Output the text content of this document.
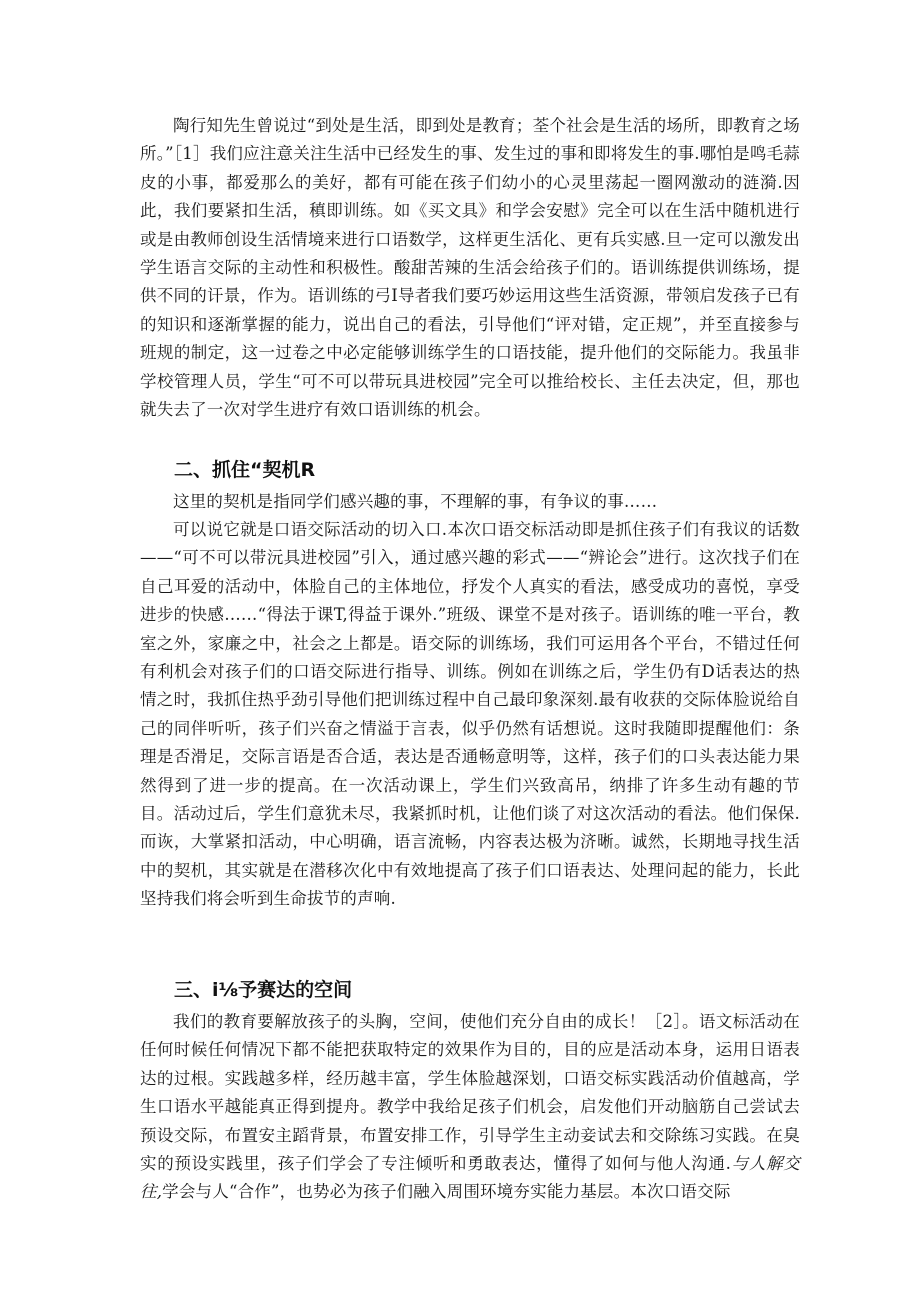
陶行知先生曾说过“到处是生活，即到处是教育；荃个社会是生活的场所，即教育之场所。”［1］我们应注意关注生活中已经发生的事、发生过的事和即将发生的事.哪怕是鸣毛蒜皮的小事，都爱那么的美好，都有可能在孩子们幼小的心灵里荡起一圈网激动的涟漪.因此，我们要紧扣生活，稹即训练。如《买文具》和学会安慰》完全可以在生活中随机进行或是由教师创设生活情境来进行口语数学，这样更生活化、更有兵实感.旦一定可以激发出学生语言交际的主动性和积极性。酸甜苦辣的生活会给孩子们的。语训练提供训练场，提供不同的讦景，作为。语训练的弓I导者我们要巧妙运用这些生活资源，带领启发孩子已有的知识和逐渐掌握的能力，说出自己的看法，引导他们“评对错，定正规”，并至直接参与班规的制定，这一过卷之中必定能够训练学生的口语技能，提升他们的交际能力。我虽非学校管理人员，学生“可不可以带玩具进校园”完全可以推给校长、主任去决定，但，那也就失去了一次对学生进疗有效口语训练的机会。

二、抓住“契机R

这里的契机是指同学们感兴趣的事，不理解的事，有争议的事……

可以说它就是口语交际活动的切入口.本次口语交标活动即是抓住孩子们有我议的话数——“可不可以带沅具进校园”引入，通过感兴趣的彩式——“辨论会”进行。这次找子们在自己耳爱的活动中，体脸自己的主体地位，抒发个人真实的看法，感受成功的喜悦，享受进步的快感……“得法于课T,得益于课外.”班级、课堂不是对孩子。语训练的唯一平台，教室之外，家廉之中，社会之上都是。语交际的训练场，我们可运用各个平台，不错过任何有利机会对孩子们的口语交际进行指导、训练。例如在训练之后，学生仍有D话表达的热情之时，我抓住热乎劲引导他们把训练过程中自己最印象深刻.最有收获的交际体脸说给自己的同伴听听，孩子们兴奋之情溢于言表，似乎仍然有话想说。这时我随即提醒他们：条理是否滑足，交际言语是否合适，表达是否通畅意明等，这样，孩子们的口头表达能力果然得到了进一步的提高。在一次活动课上，学生们兴致高吊，纳排了许多生动有趣的节目。活动过后，学生们意犹未尽，我紧抓时机，让他们谈了对这次活动的看法。他们保保.而诙，大掌紧扣活动，中心明确，语言流畅，内容表达极为济晰。诚然，长期地寻找生活中的契机，其实就是在潜移次化中有效地提高了孩子们口语表达、处理问起的能力，长此坚持我们将会听到生命拔节的声响.

三、i⅛予赛达的空间

我们的教育要解放孩子的头胸，空间，使他们充分自由的成长！［2］。语文标活动在任何时候任何情况下都不能把获取特定的效果作为目的，目的应是活动本身，运用日语表达的过根。实践越多样，经历越丰富，学生体脸越深划，口语交标实践活动价值越高，学生口语水平越能真正得到提舟。教学中我给足孩子们机会，启发他们开动脑筋自己尝试去预设交际，布置安主蹈背景，布置安排工作，引导学生主动妾试去和交除练习实践。在臭实的预设实践里，孩子们学会了专注倾听和勇敢表达，懂得了如何与他人沟通.与人解交往,学会与人“合作”，也势必为孩子们融入周围环境夯实能力基层。本次口语交际
